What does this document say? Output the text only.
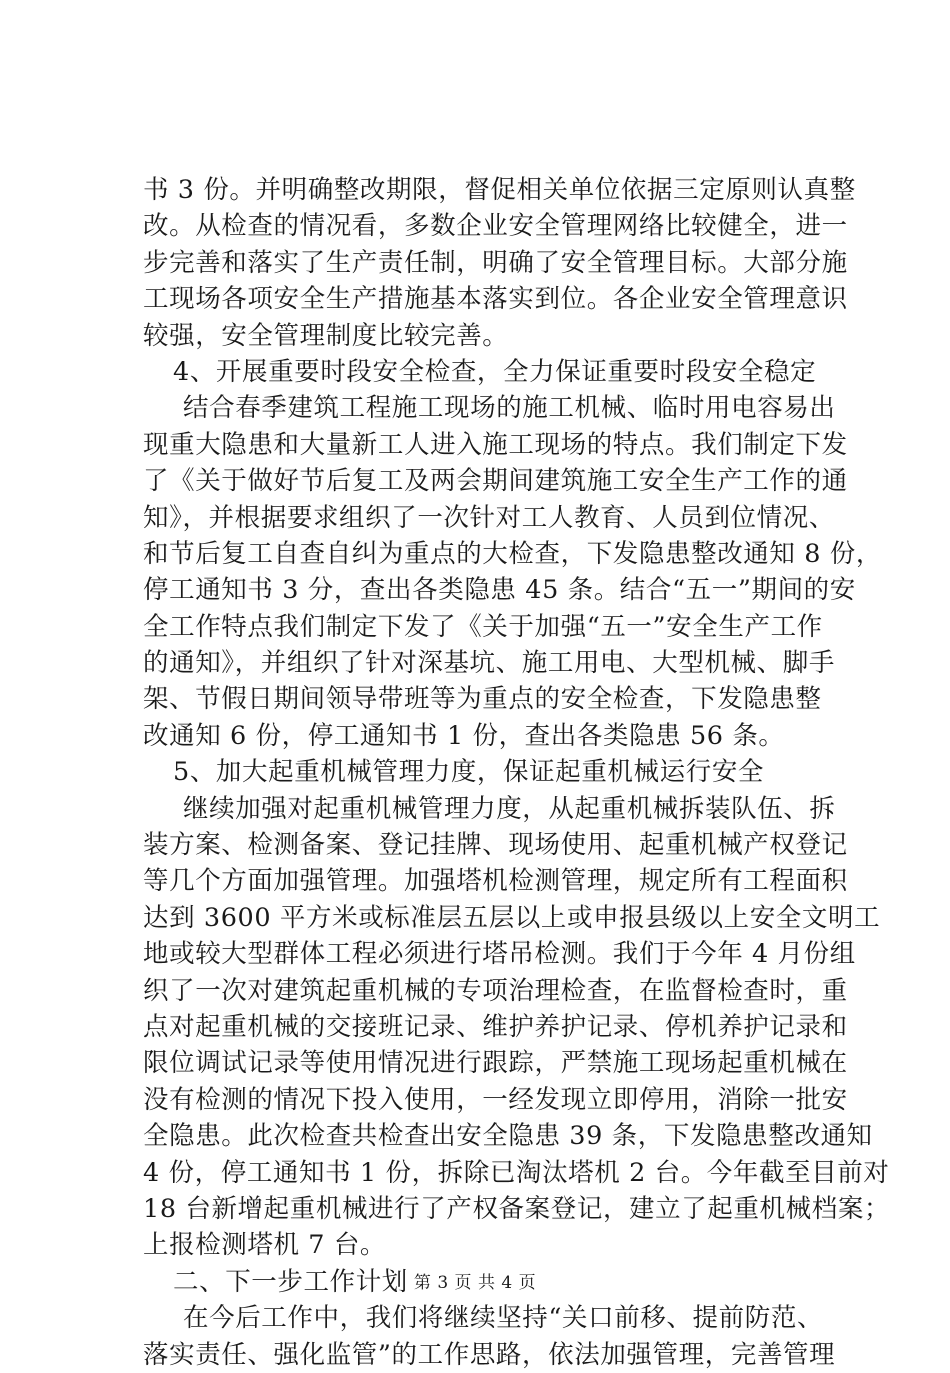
书 3 份。并明确整改期限，督促相关单位依据三定原则认真整
改。从检查的情况看，多数企业安全管理网络比较健全，进一
步完善和落实了生产责任制，明确了安全管理目标。大部分施
工现场各项安全生产措施基本落实到位。各企业安全管理意识
较强，安全管理制度比较完善。
4、开展重要时段安全检查，全力保证重要时段安全稳定
结合春季建筑工程施工现场的施工机械、临时用电容易出
现重大隐患和大量新工人进入施工现场的特点。我们制定下发
了《关于做好节后复工及两会期间建筑施工安全生产工作的通
知》，并根据要求组织了一次针对工人教育、人员到位情况、
和节后复工自查自纠为重点的大检查，下发隐患整改通知 8 份，
停工通知书 3 分，查出各类隐患 45 条。结合“五一”期间的安
全工作特点我们制定下发了《关于加强“五一”安全生产工作
的通知》，并组织了针对深基坑、施工用电、大型机械、脚手
架、节假日期间领导带班等为重点的安全检查，下发隐患整
改通知 6 份，停工通知书 1 份，查出各类隐患 56 条。
5、加大起重机械管理力度，保证起重机械运行安全
继续加强对起重机械管理力度，从起重机械拆装队伍、拆
装方案、检测备案、登记挂牌、现场使用、起重机械产权登记
等几个方面加强管理。加强塔机检测管理，规定所有工程面积
达到 3600 平方米或标准层五层以上或申报县级以上安全文明工
地或较大型群体工程必须进行塔吊检测。我们于今年 4 月份组
织了一次对建筑起重机械的专项治理检查，在监督检查时，重
点对起重机械的交接班记录、维护养护记录、停机养护记录和
限位调试记录等使用情况进行跟踪，严禁施工现场起重机械在
没有检测的情况下投入使用，一经发现立即停用，消除一批安
全隐患。此次检查共检查出安全隐患 39 条，下发隐患整改通知
4 份，停工通知书 1 份，拆除已淘汰塔机 2 台。今年截至目前对
18 台新增起重机械进行了产权备案登记，建立了起重机械档案；
上报检测塔机 7 台。
二、下一步工作计划
在今后工作中，我们将继续坚持“关口前移、提前防范、
落实责任、强化监管”的工作思路，依法加强管理，完善管理
第 3 页 共 4 页
